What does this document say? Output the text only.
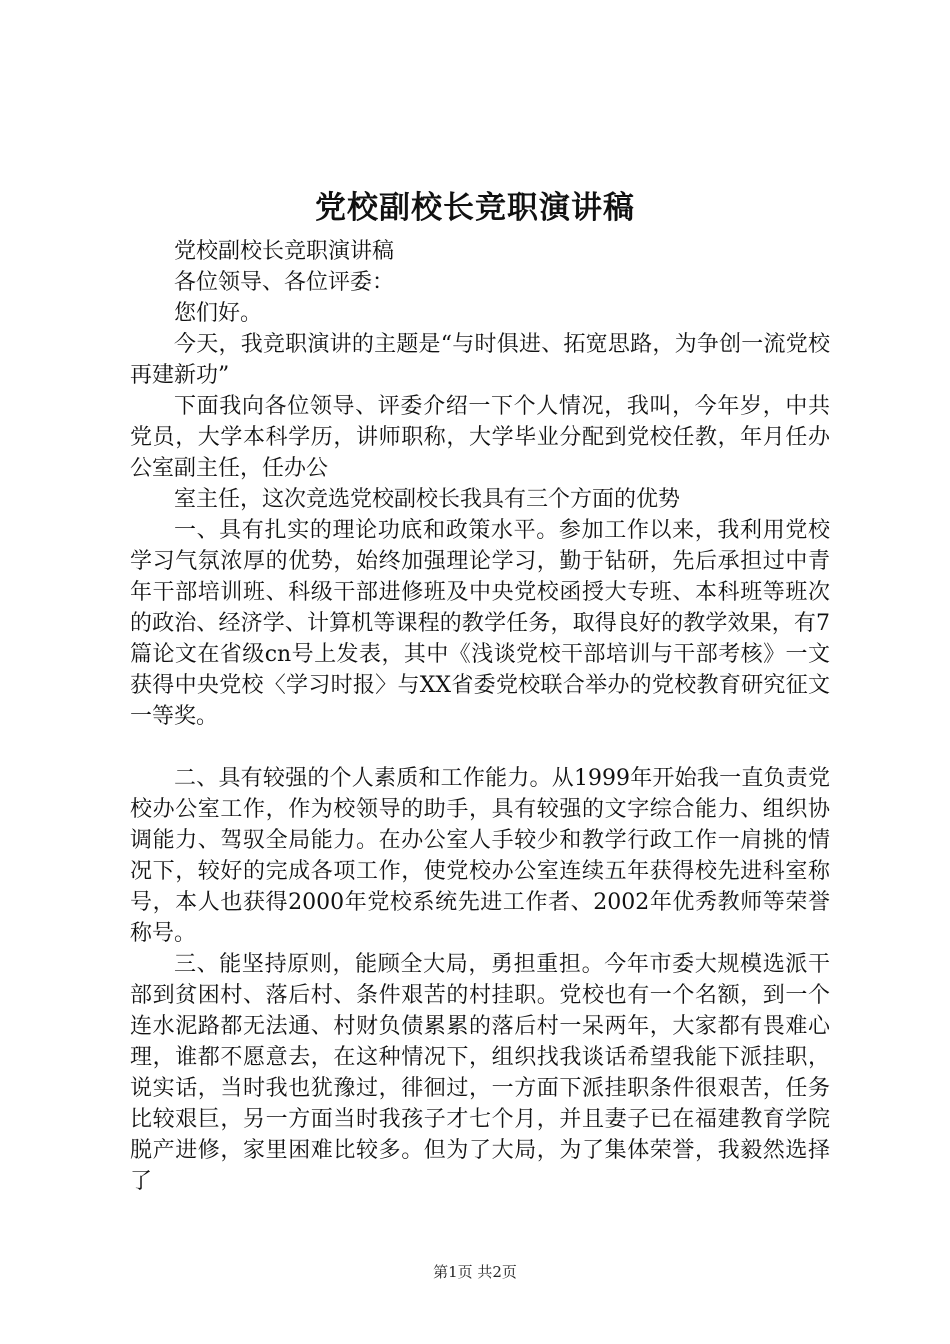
党校副校长竞职演讲稿

党校副校长竞职演讲稿

各位领导、各位评委：

您们好。

今天，我竞职演讲的主题是“与时俱进、拓宽思路，为争创一流党校再建新功”

下面我向各位领导、评委介绍一下个人情况，我叫，今年岁，中共党员，大学本科学历，讲师职称，大学毕业分配到党校任教，年月任办公室副主任，任办公

室主任，这次竞选党校副校长我具有三个方面的优势

一、具有扎实的理论功底和政策水平。参加工作以来，我利用党校学习气氛浓厚的优势，始终加强理论学习，勤于钻研，先后承担过中青年干部培训班、科级干部进修班及中央党校函授大专班、本科班等班次的政治、经济学、计算机等课程的教学任务，取得良好的教学效果，有7篇论文在省级cn号上发表，其中《浅谈党校干部培训与干部考核》一文获得中央党校〈学习时报〉与XX省委党校联合举办的党校教育研究征文一等奖。

二、具有较强的个人素质和工作能力。从1999年开始我一直负责党校办公室工作，作为校领导的助手，具有较强的文字综合能力、组织协调能力、驾驭全局能力。在办公室人手较少和教学行政工作一肩挑的情况下，较好的完成各项工作，使党校办公室连续五年获得校先进科室称号，本人也获得2000年党校系统先进工作者、2002年优秀教师等荣誉称号。

三、能坚持原则，能顾全大局，勇担重担。今年市委大规模选派干部到贫困村、落后村、条件艰苦的村挂职。党校也有一个名额，到一个连水泥路都无法通、村财负债累累的落后村一呆两年，大家都有畏难心理，谁都不愿意去，在这种情况下，组织找我谈话希望我能下派挂职，说实话，当时我也犹豫过，徘徊过，一方面下派挂职条件很艰苦，任务比较艰巨，另一方面当时我孩子才七个月，并且妻子已在福建教育学院脱产进修，家里困难比较多。但为了大局，为了集体荣誉，我毅然选择了

第1页 共2页
